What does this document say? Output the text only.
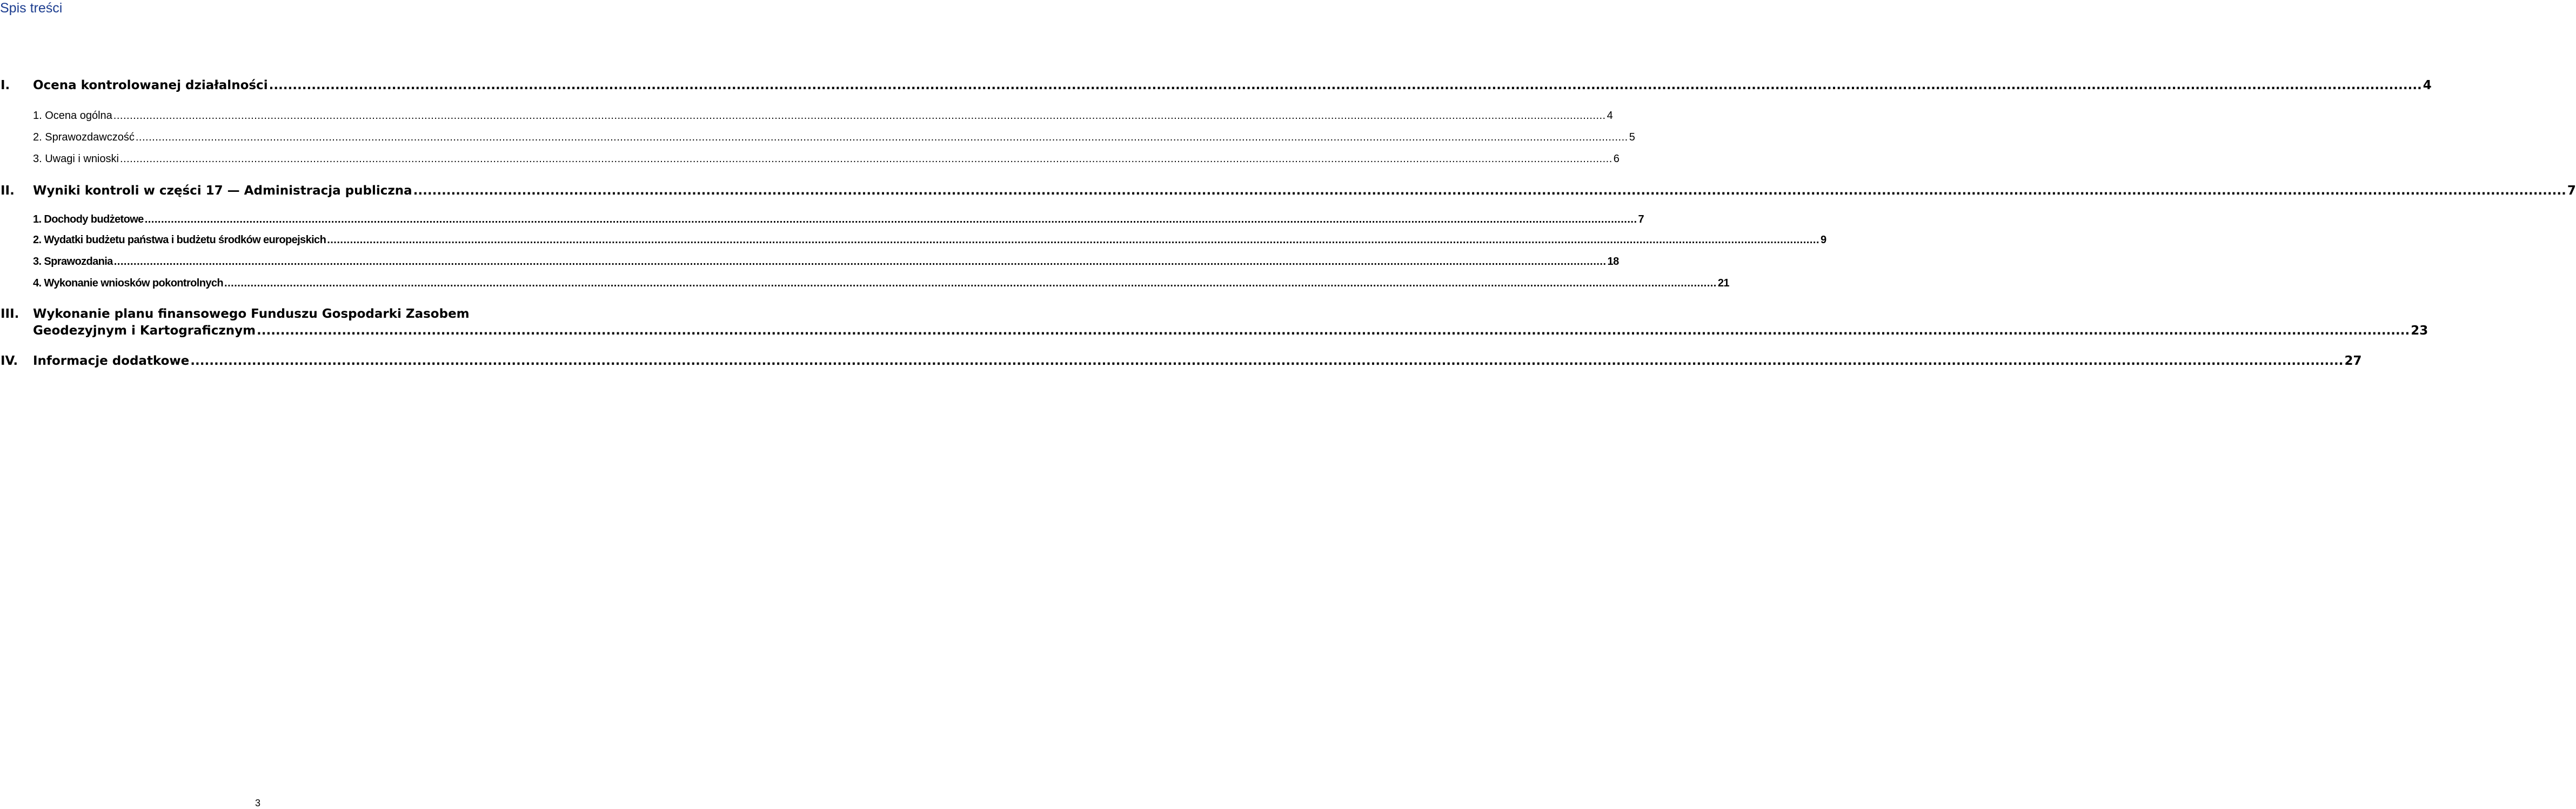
Spis treści
I. Ocena kontrolowanej działalności .....	4
1. Ocena ogólna .....	4
2. Sprawozdawczość .....	5
3. Uwagi i wnioski .....	6
II. Wyniki kontroli w części 17 — Administracja publiczna .....	7
1. Dochody budżetowe .....	7
2. Wydatki budżetu państwa i budżetu środków europejskich .....	9
3. Sprawozdania .....	18
4. Wykonanie wniosków pokontrolnych .....	21
III. Wykonanie planu finansowego Funduszu Gospodarki Zasobem
Geodezyjnym i Kartograficznym .....	23
IV. Informacje dodatkowe .....	27
3
